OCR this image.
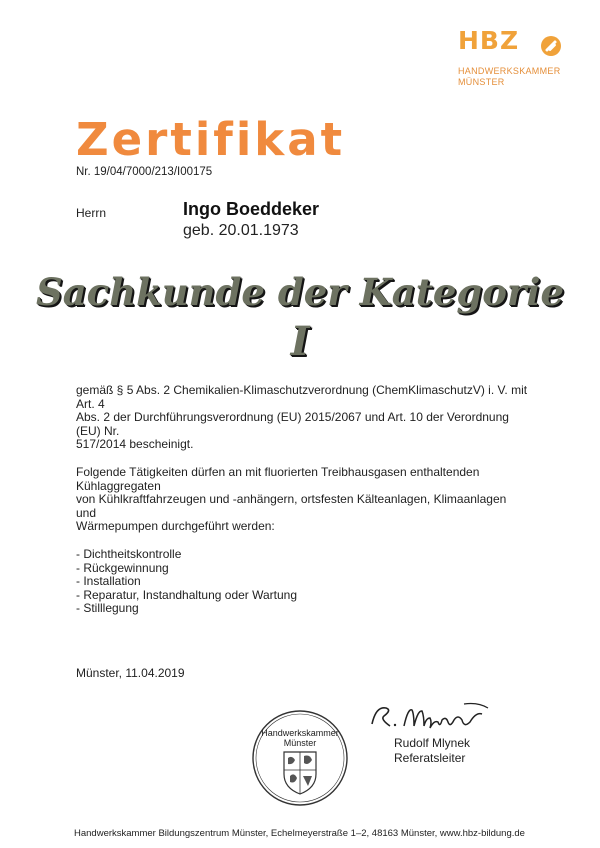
HBZ
HANDWERKSKAMMER
MÜNSTER
Zertifikat
Nr. 19/04/7000/213/I00175
Herrn	Ingo Boeddeker
geb. 20.01.1973
Sachkunde der Kategorie
I
gemäß § 5 Abs. 2 Chemikalien-Klimaschutzverordnung (ChemKlimaschutzV) i. V. mit
Art. 4
Abs. 2 der Durchführungsverordnung (EU) 2015/2067 und Art. 10 der Verordnung
(EU) Nr.
517/2014 bescheinigt.
Folgende Tätigkeiten dürfen an mit fluorierten Treibhausgasen enthaltenden
Kühlaggregaten
von Kühlkraftfahrzeugen und -anhängern, ortsfesten Kälteanlagen, Klimaanlagen
und
Wärmepumpen durchgeführt werden:
- Dichtheitskontrolle
- Rückgewinnung
- Installation
- Reparatur, Instandhaltung oder Wartung
- Stilllegung
Münster, 11.04.2019
Handwerkskammer
Münster	Rudolf Mlynek
Referatsleiter
Handwerkskammer Bildungszentrum Münster, Echelmeyerstraße 1–2, 48163 Münster, www.hbz-bildung.de
